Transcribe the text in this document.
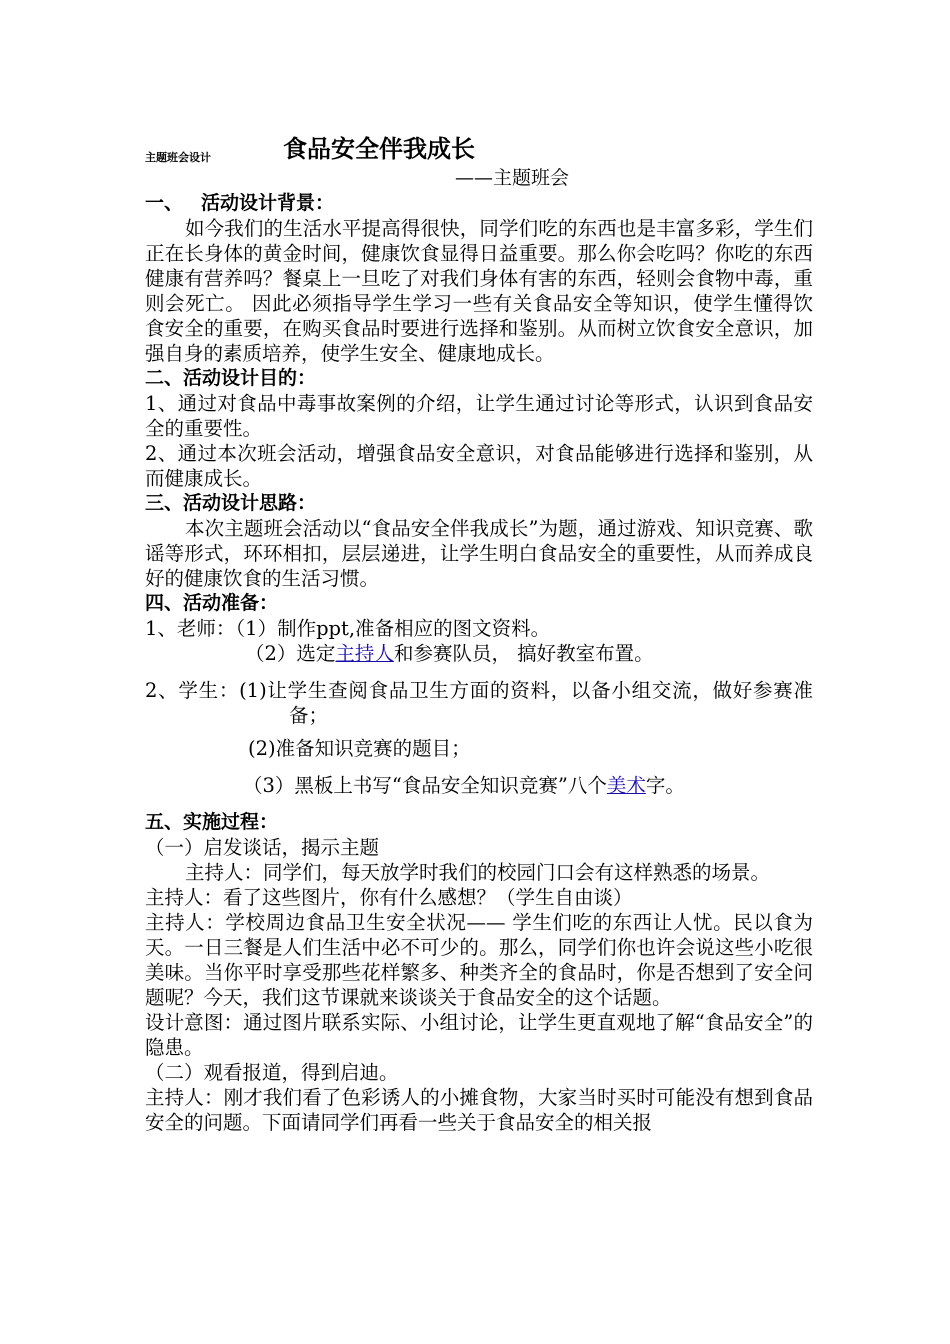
主题班会设计	食品安全伴我成长
——主题班会
一、 活动设计背景：
如今我们的生活水平提高得很快，同学们吃的东西也是丰富多彩，学生们正在长身体的黄金时间，健康饮食显得日益重要。那么你会吃吗？你吃的东西健康有营养吗？餐桌上一旦吃了对我们身体有害的东西，轻则会食物中毒，重则会死亡。 因此必须指导学生学习一些有关食品安全等知识，使学生懂得饮食安全的重要，在购买食品时要进行选择和鉴别。从而树立饮食安全意识，加强自身的素质培养，使学生安全、健康地成长。
二、活动设计目的：
1、通过对食品中毒事故案例的介绍，让学生通过讨论等形式，认识到食品安全的重要性。
2、通过本次班会活动，增强食品安全意识，对食品能够进行选择和鉴别，从而健康成长。
三、活动设计思路：
本次主题班会活动以“食品安全伴我成长”为题，通过游戏、知识竞赛、歌谣等形式，环环相扣，层层递进，让学生明白食品安全的重要性，从而养成良好的健康饮食的生活习惯。
四、活动准备：
1、老师：（1）制作ppt,准备相应的图文资料。
（2）选定主持人和参赛队员， 搞好教室布置。
2、学生：(1)让学生查阅食品卫生方面的资料，以备小组交流，做好参赛准备；
(2)准备知识竞赛的题目；
（3）黑板上书写“食品安全知识竞赛”八个美术字。
五、实施过程：
（一）启发谈话，揭示主题
主持人：同学们，每天放学时我们的校园门口会有这样熟悉的场景。
主持人：看了这些图片，你有什么感想？（学生自由谈）
主持人：学校周边食品卫生安全状况—— 学生们吃的东西让人忧。民以食为天。一日三餐是人们生活中必不可少的。那么，同学们你也许会说这些小吃很美味。当你平时享受那些花样繁多、种类齐全的食品时，你是否想到了安全问题呢？今天，我们这节课就来谈谈关于食品安全的这个话题。
设计意图：通过图片联系实际、小组讨论，让学生更直观地了解“食品安全”的隐患。
（二）观看报道，得到启迪。
主持人：刚才我们看了色彩诱人的小摊食物，大家当时买时可能没有想到食品安全的问题。下面请同学们再看一些关于食品安全的相关报
